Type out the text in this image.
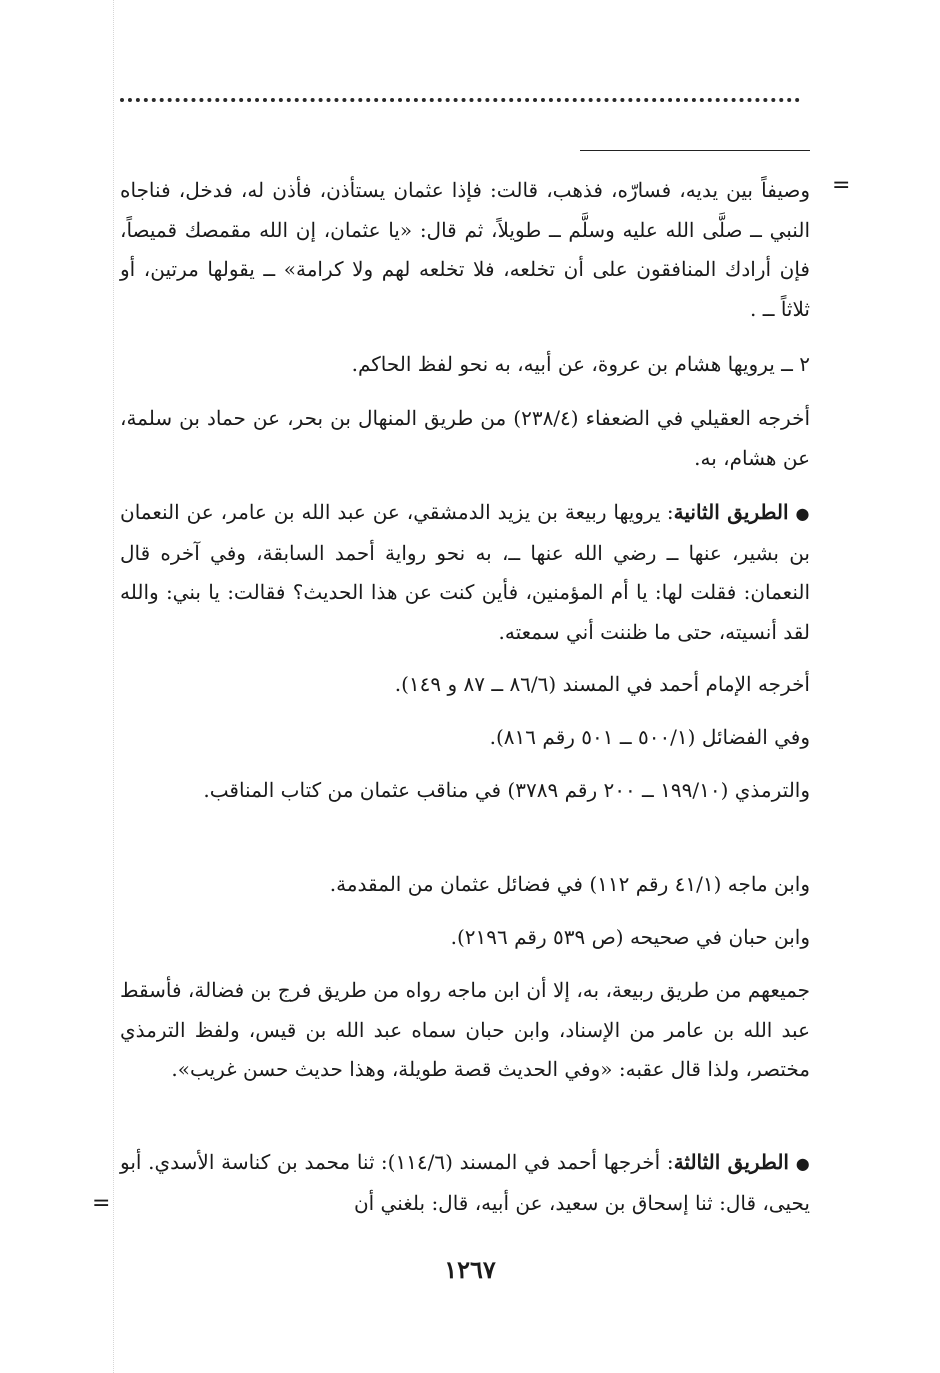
=

وصيفاً بين يديه، فسارّه، فذهب، قالت: فإذا عثمان يستأذن، فأذن له، فدخل، فناجاه النبي ــ صلَّى الله عليه وسلَّم ــ طويلاً، ثم قال: «يا عثمان، إن الله مقمصك قميصاً، فإن أرادك المنافقون على أن تخلعه، فلا تخلعه لهم ولا كرامة» ــ يقولها مرتين، أو ثلاثاً ــ .

٢ ــ يرويها هشام بن عروة، عن أبيه، به نحو لفظ الحاكم.

أخرجه العقيلي في الضعفاء (٢٣٨/٤) من طريق المنهال بن بحر، عن حماد بن سلمة، عن هشام، به.

● الطريق الثانية: يرويها ربيعة بن يزيد الدمشقي، عن عبد الله بن عامر، عن النعمان بن بشير، عنها ــ رضي الله عنها ــ، به نحو رواية أحمد السابقة، وفي آخره قال النعمان: فقلت لها: يا أم المؤمنين، فأين كنت عن هذا الحديث؟ فقالت: يا بني: والله لقد أنسيته، حتى ما ظننت أني سمعته.

أخرجه الإمام أحمد في المسند (٨٦/٦ ــ ٨٧ و ١٤٩).

وفي الفضائل (٥٠٠/١ ــ ٥٠١ رقم ٨١٦).

والترمذي (١٩٩/١٠ ــ ٢٠٠ رقم ٣٧٨٩) في مناقب عثمان من كتاب المناقب.

وابن ماجه (٤١/١ رقم ١١٢) في فضائل عثمان من المقدمة.

وابن حبان في صحيحه (ص ٥٣٩ رقم ٢١٩٦).

جميعهم من طريق ربيعة، به، إلا أن ابن ماجه رواه من طريق فرج بن فضالة، فأسقط عبد الله بن عامر من الإسناد، وابن حبان سماه عبد الله بن قيس، ولفظ الترمذي مختصر، ولذا قال عقبه: «وفي الحديث قصة طويلة، وهذا حديث حسن غريب».

● الطريق الثالثة: أخرجها أحمد في المسند (١١٤/٦): ثنا محمد بن كناسة الأسدي. أبو يحيى، قال: ثنا إسحاق بن سعيد، عن أبيه، قال: بلغني أن

=
١٢٦٧
